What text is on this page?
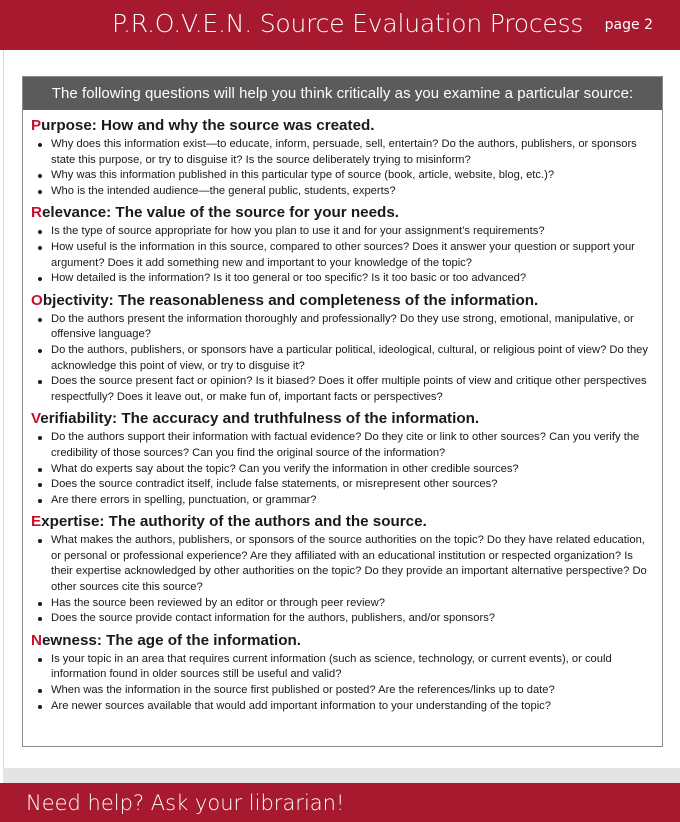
P.R.O.V.E.N. Source Evaluation Process page 2
The following questions will help you think critically as you examine a particular source:
Purpose: How and why the source was created.
Why does this information exist—to educate, inform, persuade, sell, entertain? Do the authors, publishers, or sponsors state this purpose, or try to disguise it? Is the source deliberately trying to misinform?
Why was this information published in this particular type of source (book, article, website, blog, etc.)?
Who is the intended audience—the general public, students, experts?
Relevance: The value of the source for your needs.
Is the type of source appropriate for how you plan to use it and for your assignment’s requirements?
How useful is the information in this source, compared to other sources? Does it answer your question or support your argument? Does it add something new and important to your knowledge of the topic?
How detailed is the information? Is it too general or too specific? Is it too basic or too advanced?
Objectivity: The reasonableness and completeness of the information.
Do the authors present the information thoroughly and professionally? Do they use strong, emotional, manipulative, or offensive language?
Do the authors, publishers, or sponsors have a particular political, ideological, cultural, or religious point of view? Do they acknowledge this point of view, or try to disguise it?
Does the source present fact or opinion? Is it biased? Does it offer multiple points of view and critique other perspectives respectfully? Does it leave out, or make fun of, important facts or perspectives?
Verifiability: The accuracy and truthfulness of the information.
Do the authors support their information with factual evidence? Do they cite or link to other sources? Can you verify the credibility of those sources? Can you find the original source of the information?
What do experts say about the topic? Can you verify the information in other credible sources?
Does the source contradict itself, include false statements, or misrepresent other sources?
Are there errors in spelling, punctuation, or grammar?
Expertise: The authority of the authors and the source.
What makes the authors, publishers, or sponsors of the source authorities on the topic? Do they have related education, or personal or professional experience? Are they affiliated with an educational institution or respected organization? Is their expertise acknowledged by other authorities on the topic? Do they provide an important alternative perspective? Do other sources cite this source?
Has the source been reviewed by an editor or through peer review?
Does the source provide contact information for the authors, publishers, and/or sponsors?
Newness: The age of the information.
Is your topic in an area that requires current information (such as science, technology, or current events), or could information found in older sources still be useful and valid?
When was the information in the source first published or posted? Are the references/links up to date?
Are newer sources available that would add important information to your understanding of the topic?
Need help? Ask your librarian!
